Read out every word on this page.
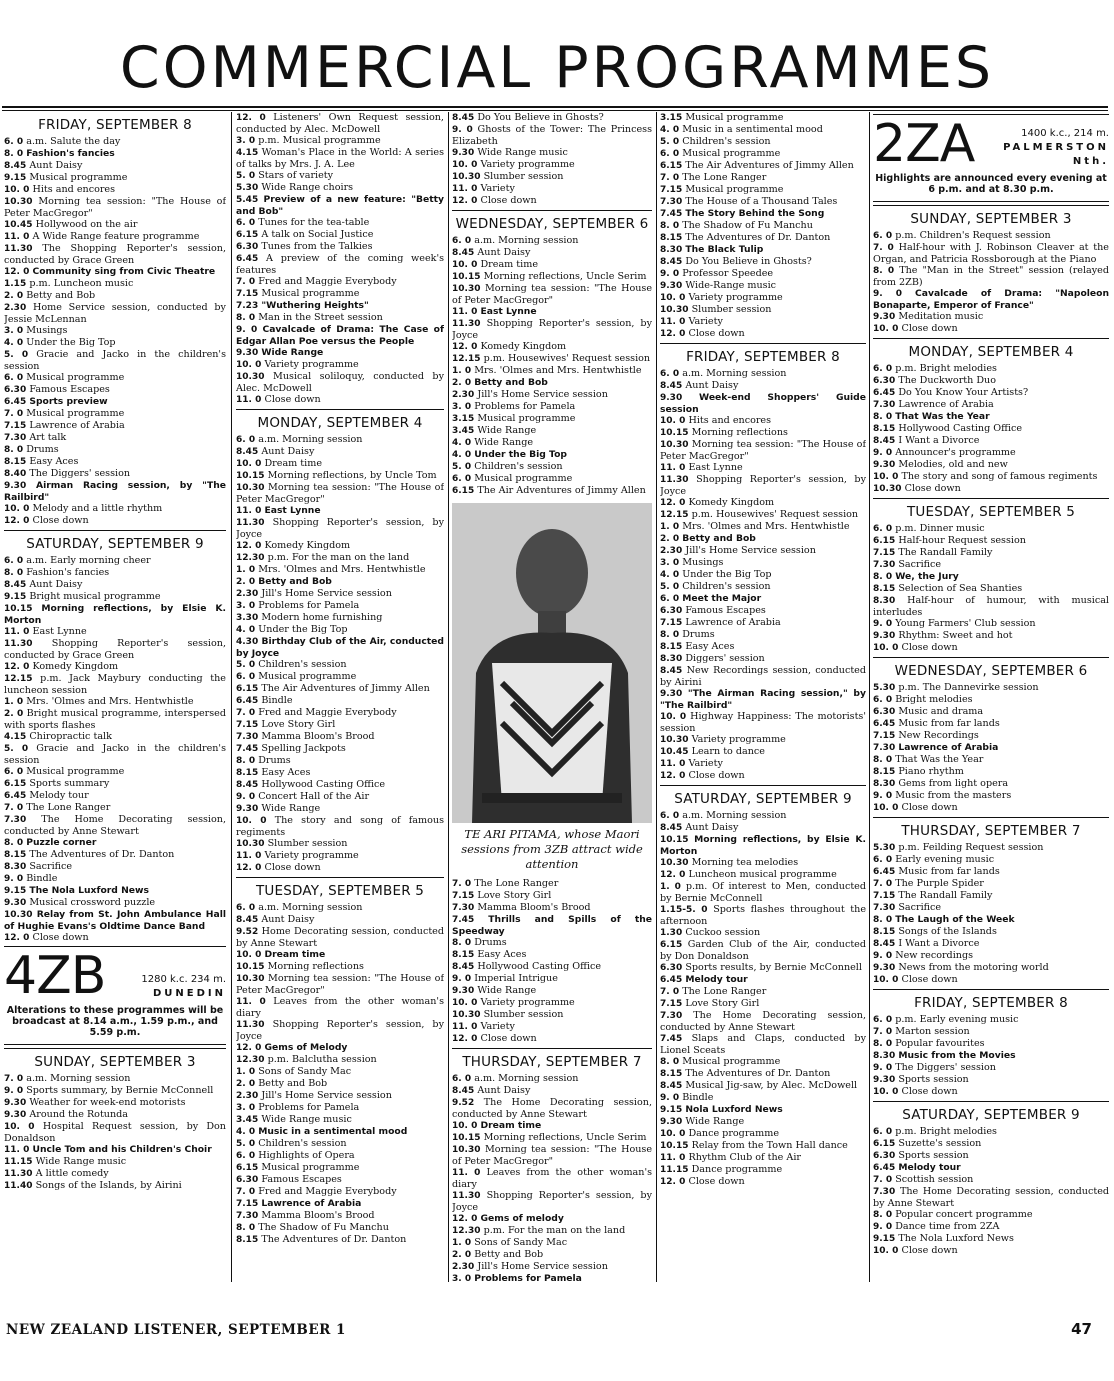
COMMERCIAL PROGRAMMES
FRIDAY, SEPTEMBER 8

6. 0 a.m. Salute the day

8. 0 Fashion's fancies

8.45 Aunt Daisy

9.15 Musical programme

10. 0 Hits and encores

10.30 Morning tea session: "The House of Peter MacGregor"

10.45 Hollywood on the air

11. 0 A Wide Range feature programme

11.30 The Shopping Reporter's session, conducted by Grace Green

12. 0 Community sing from Civic Theatre

1.15 p.m. Luncheon music

2. 0 Betty and Bob

2.30 Home Service session, conducted by Jessie McLennan

3. 0 Musings

4. 0 Under the Big Top

5. 0 Gracie and Jacko in the children's session

6. 0 Musical programme

6.30 Famous Escapes

6.45 Sports preview

7. 0 Musical programme

7.15 Lawrence of Arabia

7.30 Art talk

8. 0 Drums

8.15 Easy Aces

8.40 The Diggers' session

9.30 Airman Racing session, by "The Railbird"

10. 0 Melody and a little rhythm

12. 0 Close down

SATURDAY, SEPTEMBER 9

6. 0 a.m. Early morning cheer

8. 0 Fashion's fancies

8.45 Aunt Daisy

9.15 Bright musical programme

10.15 Morning reflections, by Elsie K. Morton

11. 0 East Lynne

11.30 Shopping Reporter's session, conducted by Grace Green

12. 0 Komedy Kingdom

12.15 p.m. Jack Maybury conducting the luncheon session

1. 0 Mrs. 'Olmes and Mrs. Hentwhistle

2. 0 Bright musical programme, interspersed with sports flashes

4.15 Chiropractic talk

5. 0 Gracie and Jacko in the children's session

6. 0 Musical programme

6.15 Sports summary

6.45 Melody tour

7. 0 The Lone Ranger

7.30 The Home Decorating session, conducted by Anne Stewart

8. 0 Puzzle corner

8.15 The Adventures of Dr. Danton

8.30 Sacrifice

9. 0 Bindle

9.15 The Nola Luxford News

9.30 Musical crossword puzzle

10.30 Relay from St. John Ambulance Hall of Hughie Evans's Oldtime Dance Band

12. 0 Close down

4ZB	1280 k.c. 234 m.
DUNEDIN
Alterations to these programmes will be broadcast at 8.14 a.m., 1.59 p.m., and 5.59 p.m.
SUNDAY, SEPTEMBER 3

7. 0 a.m. Morning session

9. 0 Sports summary, by Bernie McConnell

9.30 Weather for week-end motorists

9.30 Around the Rotunda

10. 0 Hospital Request session, by Don Donaldson

11. 0 Uncle Tom and his Children's Choir

11.15 Wide Range music

11.30 A little comedy

11.40 Songs of the Islands, by Airini

12. 0 Listeners' Own Request session, conducted by Alec. McDowell

3. 0 p.m. Musical programme

4.15 Woman's Place in the World: A series of talks by Mrs. J. A. Lee

5. 0 Stars of variety

5.30 Wide Range choirs

5.45 Preview of a new feature: "Betty and Bob"

6. 0 Tunes for the tea-table

6.15 A talk on Social Justice

6.30 Tunes from the Talkies

6.45 A preview of the coming week's features

7. 0 Fred and Maggie Everybody

7.15 Musical programme

7.23 "Wuthering Heights"

8. 0 Man in the Street session

9. 0 Cavalcade of Drama: The Case of Edgar Allan Poe versus the People

9.30 Wide Range

10. 0 Variety programme

10.30 Musical soliloquy, conducted by Alec. McDowell

11. 0 Close down

MONDAY, SEPTEMBER 4

6. 0 a.m. Morning session

8.45 Aunt Daisy

10. 0 Dream time

10.15 Morning reflections, by Uncle Tom

10.30 Morning tea session: "The House of Peter MacGregor"

11. 0 East Lynne

11.30 Shopping Reporter's session, by Joyce

12. 0 Komedy Kingdom

12.30 p.m. For the man on the land

1. 0 Mrs. 'Olmes and Mrs. Hentwhistle

2. 0 Betty and Bob

2.30 Jill's Home Service session

3. 0 Problems for Pamela

3.30 Modern home furnishing

4. 0 Under the Big Top

4.30 Birthday Club of the Air, conducted by Joyce

5. 0 Children's session

6. 0 Musical programme

6.15 The Air Adventures of Jimmy Allen

6.45 Bindle

7. 0 Fred and Maggie Everybody

7.15 Love Story Girl

7.30 Mamma Bloom's Brood

7.45 Spelling Jackpots

8. 0 Drums

8.15 Easy Aces

8.45 Hollywood Casting Office

9. 0 Concert Hall of the Air

9.30 Wide Range

10. 0 The story and song of famous regiments

10.30 Slumber session

11. 0 Variety programme

12. 0 Close down

TUESDAY, SEPTEMBER 5

6. 0 a.m. Morning session

8.45 Aunt Daisy

9.52 Home Decorating session, conducted by Anne Stewart

10. 0 Dream time

10.15 Morning reflections

10.30 Morning tea session: "The House of Peter MacGregor"

11. 0 Leaves from the other woman's diary

11.30 Shopping Reporter's session, by Joyce

12. 0 Gems of Melody

12.30 p.m. Balclutha session

1. 0 Sons of Sandy Mac

2. 0 Betty and Bob

2.30 Jill's Home Service session

3. 0 Problems for Pamela

3.45 Wide Range music

4. 0 Music in a sentimental mood

5. 0 Children's session

6. 0 Highlights of Opera

6.15 Musical programme

6.30 Famous Escapes

7. 0 Fred and Maggie Everybody

7.15 Lawrence of Arabia

7.30 Mamma Bloom's Brood

8. 0 The Shadow of Fu Manchu

8.15 The Adventures of Dr. Danton

8.45 Do You Believe in Ghosts?

9. 0 Ghosts of the Tower: The Princess Elizabeth

9.30 Wide Range music

10. 0 Variety programme

10.30 Slumber session

11. 0 Variety

12. 0 Close down

WEDNESDAY, SEPTEMBER 6

6. 0 a.m. Morning session

8.45 Aunt Daisy

10. 0 Dream time

10.15 Morning reflections, Uncle Serim

10.30 Morning tea session: "The House of Peter MacGregor"

11. 0 East Lynne

11.30 Shopping Reporter's session, by Joyce

12. 0 Komedy Kingdom

12.15 p.m. Housewives' Request session

1. 0 Mrs. 'Olmes and Mrs. Hentwhistle

2. 0 Betty and Bob

2.30 Jill's Home Service session

3. 0 Problems for Pamela

3.15 Musical programme

3.45 Wide Range

4. 0 Wide Range

4. 0 Under the Big Top

5. 0 Children's session

6. 0 Musical programme

6.15 The Air Adventures of Jimmy Allen

TE ARI PITAMA, whose Maori sessions from 3ZB attract wide attention

7. 0 The Lone Ranger

7.15 Love Story Girl

7.30 Mamma Bloom's Brood

7.45 Thrills and Spills of the Speedway

8. 0 Drums

8.15 Easy Aces

8.45 Hollywood Casting Office

9. 0 Imperial Intrigue

9.30 Wide Range

10. 0 Variety programme

10.30 Slumber session

11. 0 Variety

12. 0 Close down

THURSDAY, SEPTEMBER 7

6. 0 a.m. Morning session

8.45 Aunt Daisy

9.52 The Home Decorating session, conducted by Anne Stewart

10. 0 Dream time

10.15 Morning reflections, Uncle Serim

10.30 Morning tea session: "The House of Peter MacGregor"

11. 0 Leaves from the other woman's diary

11.30 Shopping Reporter's session, by Joyce

12. 0 Gems of melody

12.30 p.m. For the man on the land

1. 0 Sons of Sandy Mac

2. 0 Betty and Bob

2.30 Jill's Home Service session

3. 0 Problems for Pamela

3.15 Musical programme

4. 0 Music in a sentimental mood

5. 0 Children's session

6. 0 Musical programme

6.15 The Air Adventures of Jimmy Allen

7. 0 The Lone Ranger

7.15 Musical programme

7.30 The House of a Thousand Tales

7.45 The Story Behind the Song

8. 0 The Shadow of Fu Manchu

8.15 The Adventures of Dr. Danton

8.30 The Black Tulip

8.45 Do You Believe in Ghosts?

9. 0 Professor Speedee

9.30 Wide-Range music

10. 0 Variety programme

10.30 Slumber session

11. 0 Variety

12. 0 Close down

FRIDAY, SEPTEMBER 8

6. 0 a.m. Morning session

8.45 Aunt Daisy

9.30 Week-end Shoppers' Guide session

10. 0 Hits and encores

10.15 Morning reflections

10.30 Morning tea session: "The House of Peter MacGregor"

11. 0 East Lynne

11.30 Shopping Reporter's session, by Joyce

12. 0 Komedy Kingdom

12.15 p.m. Housewives' Request session

1. 0 Mrs. 'Olmes and Mrs. Hentwhistle

2. 0 Betty and Bob

2.30 Jill's Home Service session

3. 0 Musings

4. 0 Under the Big Top

5. 0 Children's session

6. 0 Meet the Major

6.30 Famous Escapes

7.15 Lawrence of Arabia

8. 0 Drums

8.15 Easy Aces

8.30 Diggers' session

8.45 New Recordings session, conducted by Airini

9.30 "The Airman Racing session," by "The Railbird"

10. 0 Highway Happiness: The motorists' session

10.30 Variety programme

10.45 Learn to dance

11. 0 Variety

12. 0 Close down

SATURDAY, SEPTEMBER 9

6. 0 a.m. Morning session

8.45 Aunt Daisy

10.15 Morning reflections, by Elsie K. Morton

10.30 Morning tea melodies

12. 0 Luncheon musical programme

1. 0 p.m. Of interest to Men, conducted by Bernie McConnell

1.15-5. 0 Sports flashes throughout the afternoon

1.30 Cuckoo session

6.15 Garden Club of the Air, conducted by Don Donaldson

6.30 Sports results, by Bernie McConnell

6.45 Melody tour

7. 0 The Lone Ranger

7.15 Love Story Girl

7.30 The Home Decorating session, conducted by Anne Stewart

7.45 Slaps and Claps, conducted by Lionel Sceats

8. 0 Musical programme

8.15 The Adventures of Dr. Danton

8.45 Musical Jig-saw, by Alec. McDowell

9. 0 Bindle

9.15 Nola Luxford News

9.30 Wide Range

10. 0 Dance programme

10.15 Relay from the Town Hall dance

11. 0 Rhythm Club of the Air

11.15 Dance programme

12. 0 Close down

2ZA	1400 k.c., 214 m.
PALMERSTON Nth.
Highlights are announced every evening at 6 p.m. and at 8.30 p.m.
SUNDAY, SEPTEMBER 3

6. 0 p.m. Children's Request session

7. 0 Half-hour with J. Robinson Cleaver at the Organ, and Patricia Rossborough at the Piano

8. 0 The "Man in the Street" session (relayed from 2ZB)

9. 0 Cavalcade of Drama: "Napoleon Bonaparte, Emperor of France"

9.30 Meditation music

10. 0 Close down

MONDAY, SEPTEMBER 4

6. 0 p.m. Bright melodies

6.30 The Duckworth Duo

6.45 Do You Know Your Artists?

7.30 Lawrence of Arabia

8. 0 That Was the Year

8.15 Hollywood Casting Office

8.45 I Want a Divorce

9. 0 Announcer's programme

9.30 Melodies, old and new

10. 0 The story and song of famous regiments

10.30 Close down

TUESDAY, SEPTEMBER 5

6. 0 p.m. Dinner music

6.15 Half-hour Request session

7.15 The Randall Family

7.30 Sacrifice

8. 0 We, the Jury

8.15 Selection of Sea Shanties

8.30 Half-hour of humour, with musical interludes

9. 0 Young Farmers' Club session

9.30 Rhythm: Sweet and hot

10. 0 Close down

WEDNESDAY, SEPTEMBER 6

5.30 p.m. The Dannevirke session

6. 0 Bright melodies

6.30 Music and drama

6.45 Music from far lands

7.15 New Recordings

7.30 Lawrence of Arabia

8. 0 That Was the Year

8.15 Piano rhythm

8.30 Gems from light opera

9. 0 Music from the masters

10. 0 Close down

THURSDAY, SEPTEMBER 7

5.30 p.m. Feilding Request session

6. 0 Early evening music

6.45 Music from far lands

7. 0 The Purple Spider

7.15 The Randall Family

7.30 Sacrifice

8. 0 The Laugh of the Week

8.15 Songs of the Islands

8.45 I Want a Divorce

9. 0 New recordings

9.30 News from the motoring world

10. 0 Close down

FRIDAY, SEPTEMBER 8

6. 0 p.m. Early evening music

7. 0 Marton session

8. 0 Popular favourites

8.30 Music from the Movies

9. 0 The Diggers' session

9.30 Sports session

10. 0 Close down

SATURDAY, SEPTEMBER 9

6. 0 p.m. Bright melodies

6.15 Suzette's session

6.30 Sports session

6.45 Melody tour

7. 0 Scottish session

7.30 The Home Decorating session, conducted by Anne Stewart

8. 0 Popular concert programme

9. 0 Dance time from 2ZA

9.15 The Nola Luxford News

10. 0 Close down

NEW ZEALAND LISTENER, SEPTEMBER 1	47
